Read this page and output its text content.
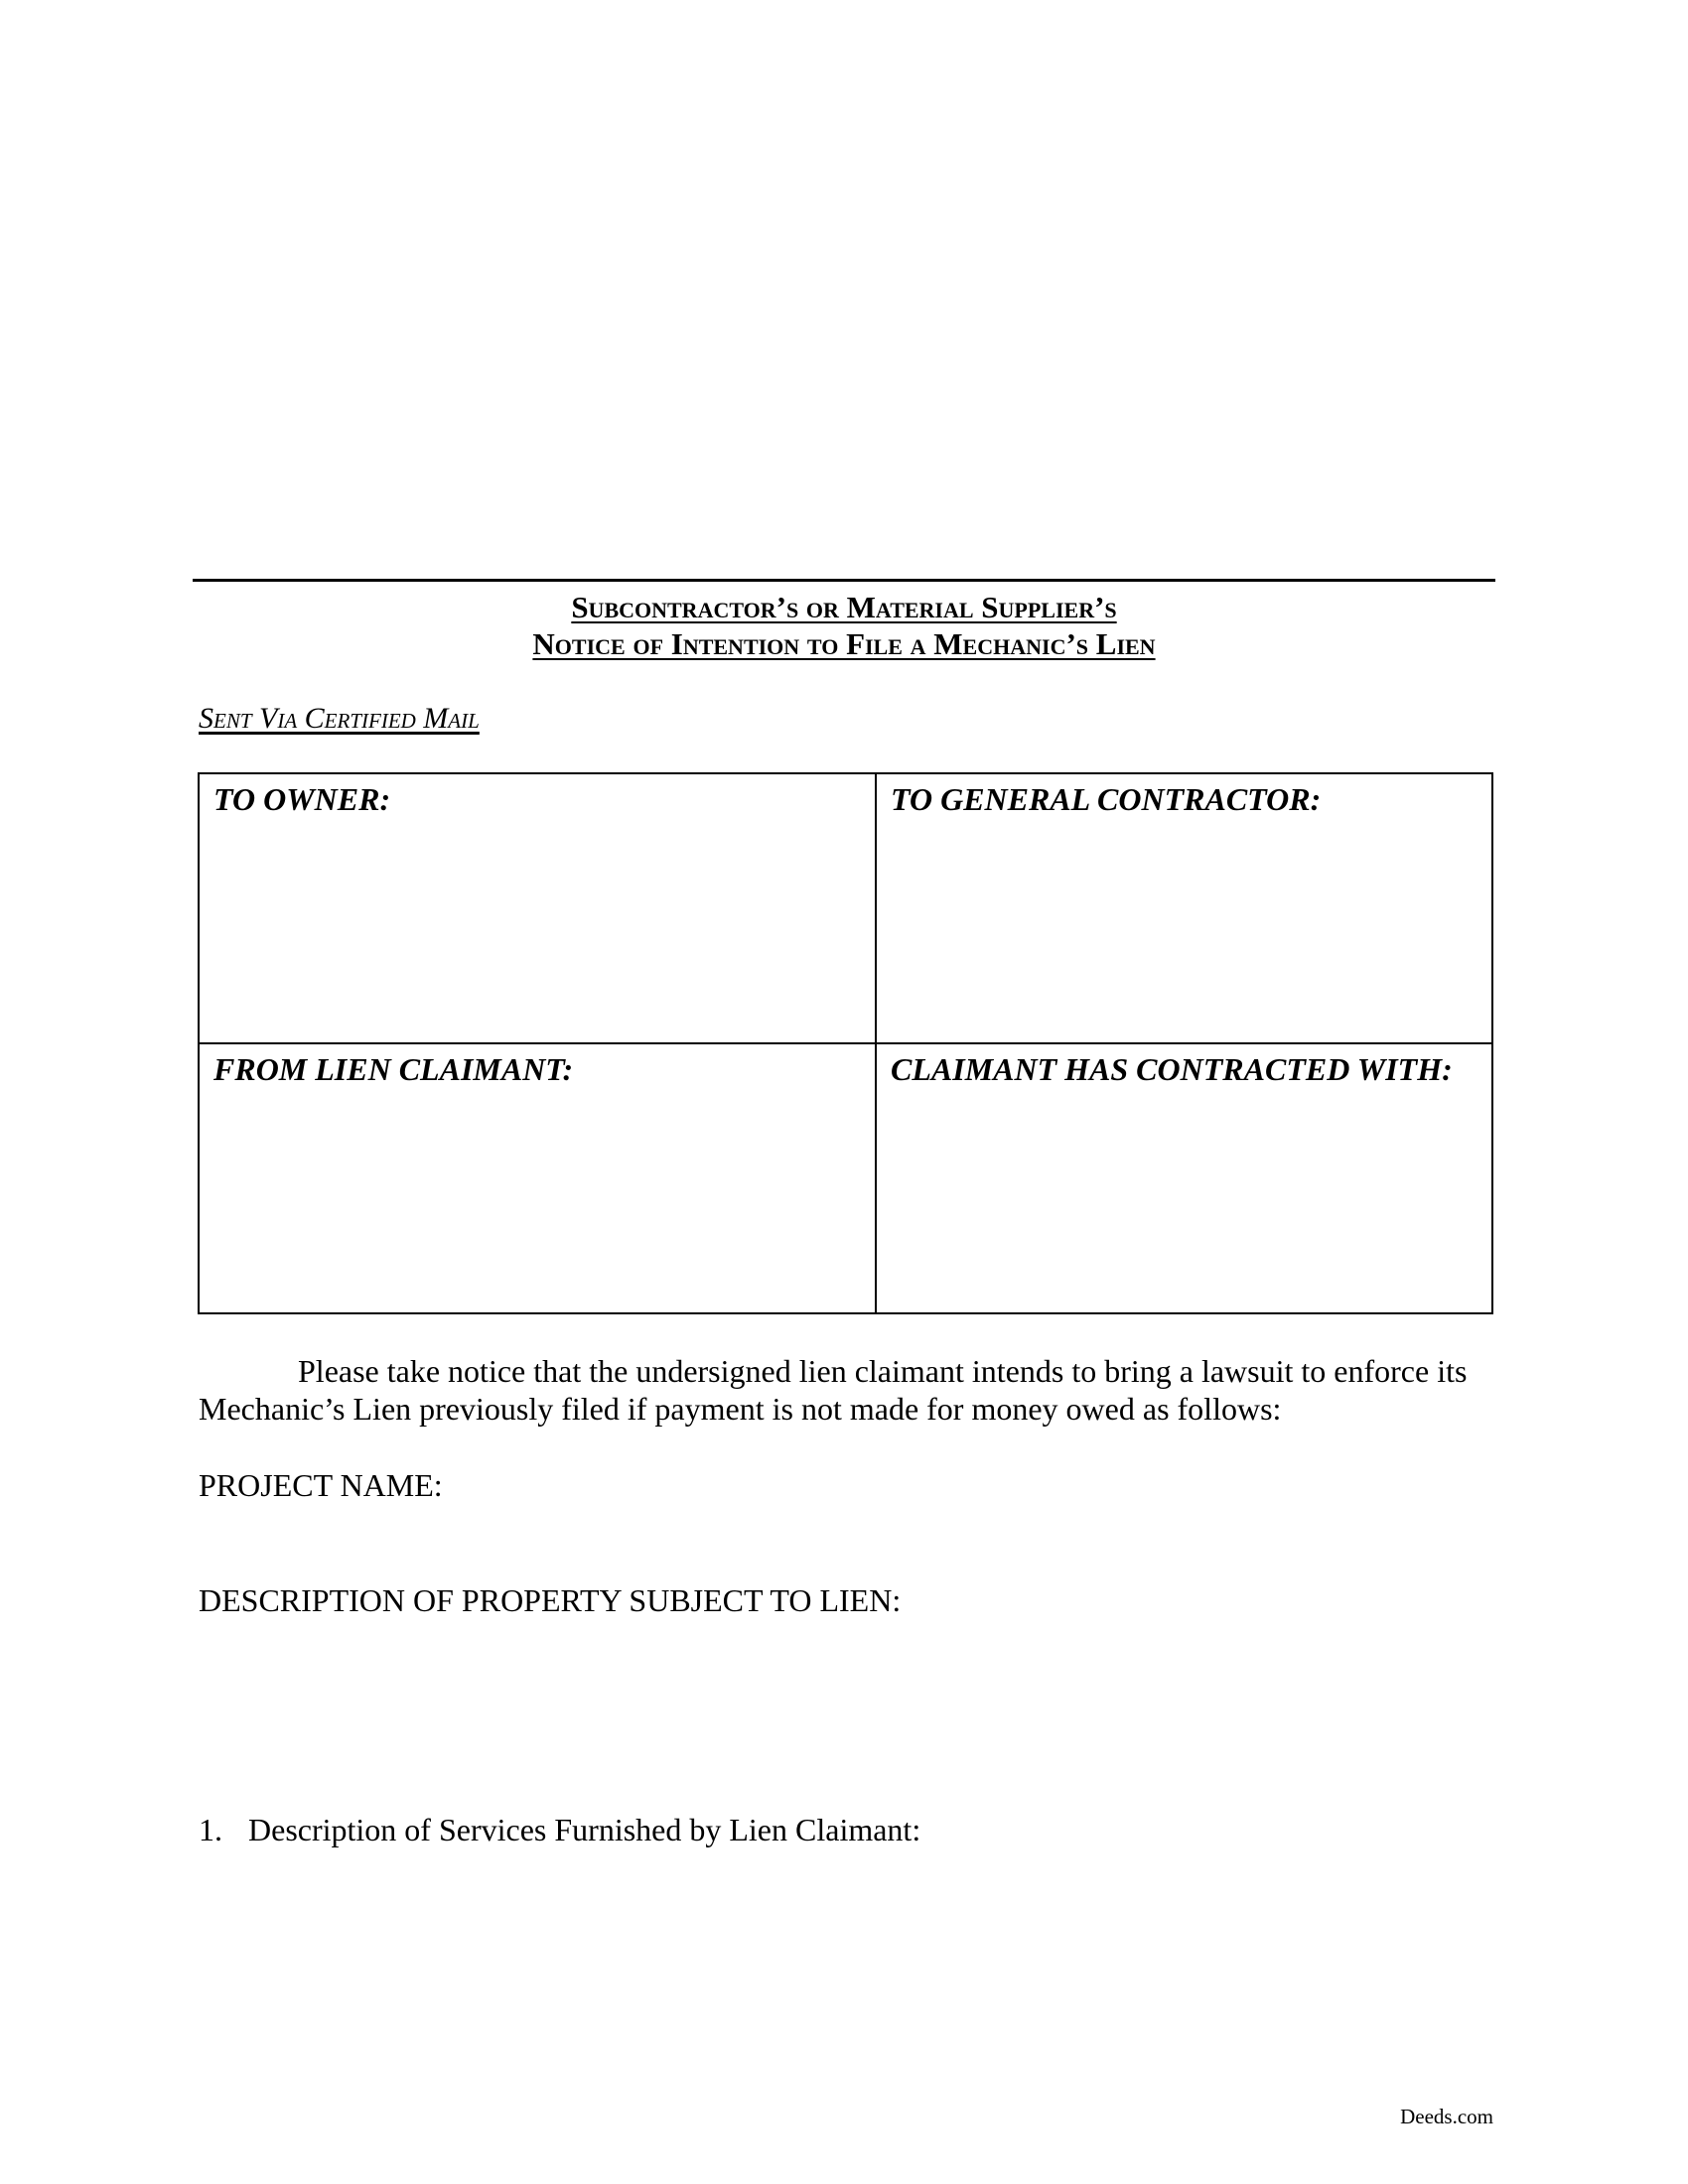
Subcontractor’s or Material Supplier’s
Notice of Intention to File a Mechanic’s Lien
Sent Via Certified Mail
TO OWNER:	TO GENERAL CONTRACTOR:
FROM LIEN CLAIMANT:	CLAIMANT HAS CONTRACTED WITH:
Please take notice that the undersigned lien claimant intends to bring a lawsuit to enforce its Mechanic’s Lien previously filed if payment is not made for money owed as follows:
PROJECT NAME:
DESCRIPTION OF PROPERTY SUBJECT TO LIEN:
1. Description of Services Furnished by Lien Claimant:
Deeds.com
